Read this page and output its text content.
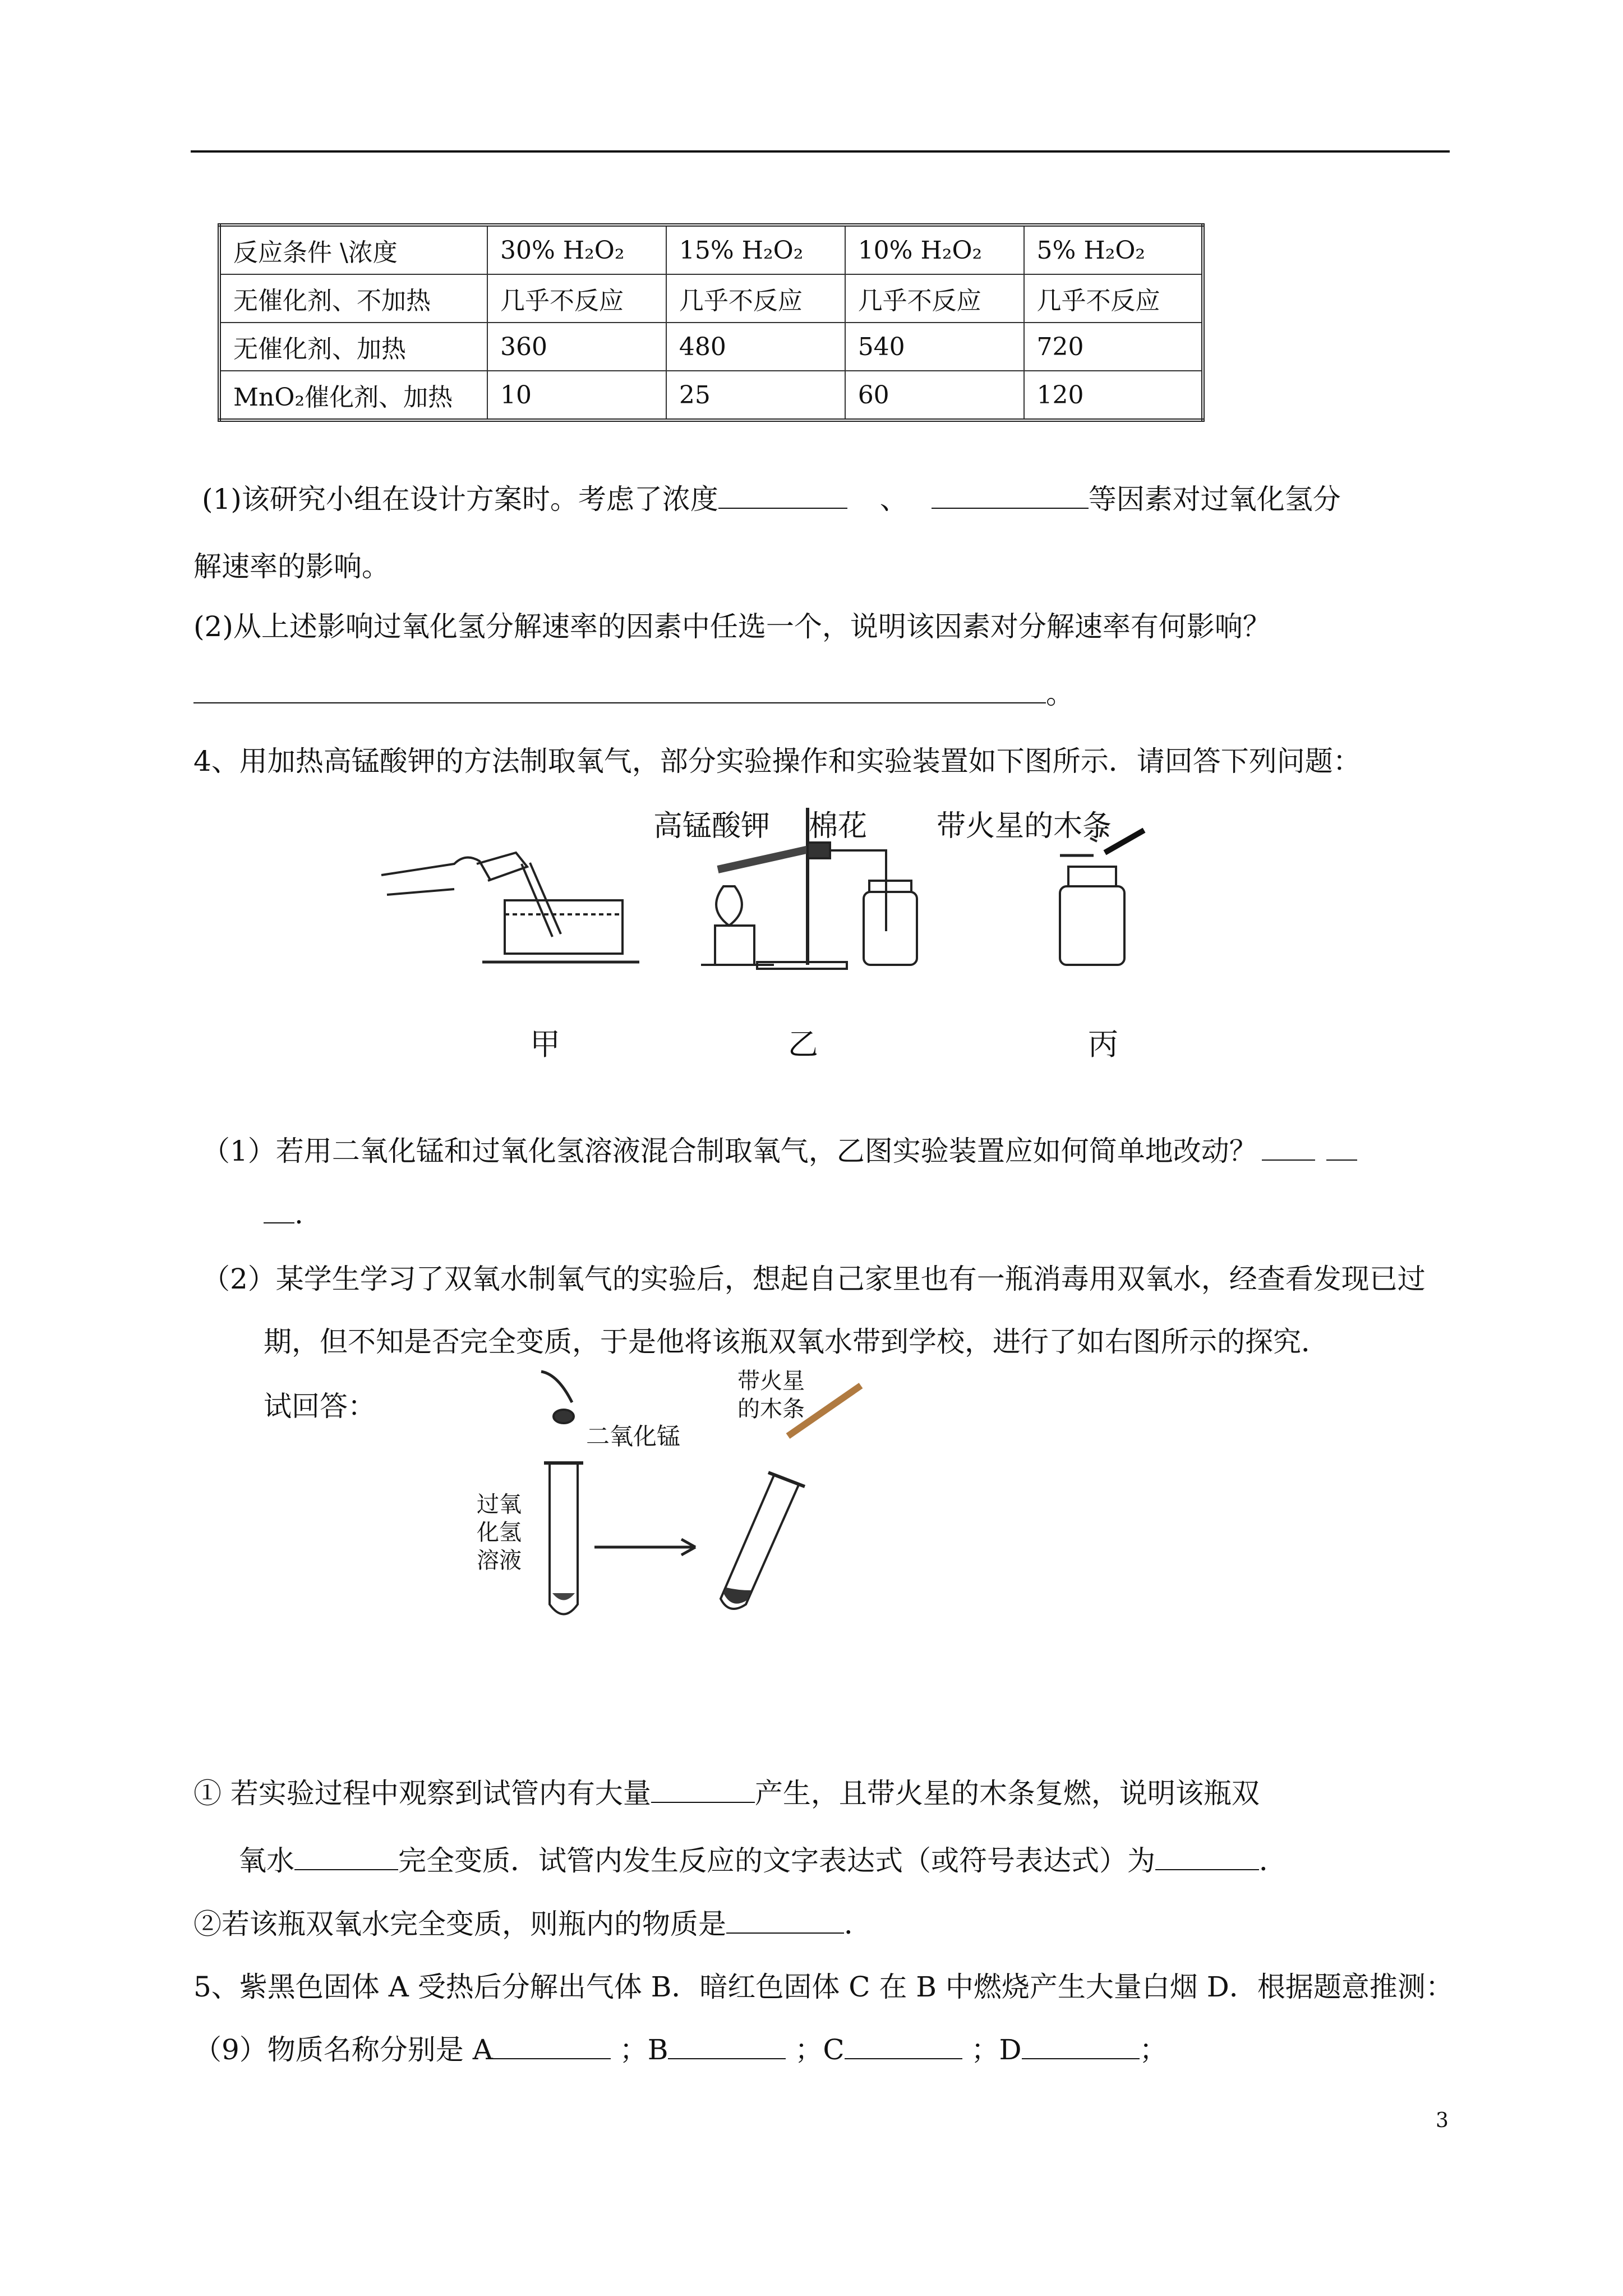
反应条件 \浓度	30% H₂O₂	15% H₂O₂	10% H₂O₂	5% H₂O₂
无催化剂、不加热	几乎不反应	几乎不反应	几乎不反应	几乎不反应
无催化剂、加热	360	480	540	720
MnO₂催化剂、加热	10	25	60	120
(1)该研究小组在设计方案时。考虑了浓度	、	等因素对过氧化氢分
解速率的影响。
(2)从上述影响过氧化氢分解速率的因素中任选一个，说明该因素对分解速率有何影响？
。
4、用加热高锰酸钾的方法制取氧气，部分实验操作和实验装置如下图所示．请回答下列问题：
高锰酸钾 棉花 带火星的木条
甲	乙	丙
（1）若用二氧化锰和过氧化氢溶液混合制取氧气，乙图实验装置应如何简单地改动？
.
（2）某学生学习了双氧水制氧气的实验后，想起自己家里也有一瓶消毒用双氧水，经查看发现已过
期，但不知是否完全变质，于是他将该瓶双氧水带到学校，进行了如右图所示的探究．
试回答：
二氧化锰
带火星
的木条
过氧
化氢
溶液
① 若实验过程中观察到试管内有大量	产生，且带火星的木条复燃，说明该瓶双
氧水	完全变质．试管内发生反应的文字表达式（或符号表达式）为	．
②若该瓶双氧水完全变质，则瓶内的物质是	．
5、紫黑色固体 A 受热后分解出气体 B．暗红色固体 C 在 B 中燃烧产生大量白烟 D．根据题意推测：
（9）物质名称分别是 A	；B	；C	；D	；
3
